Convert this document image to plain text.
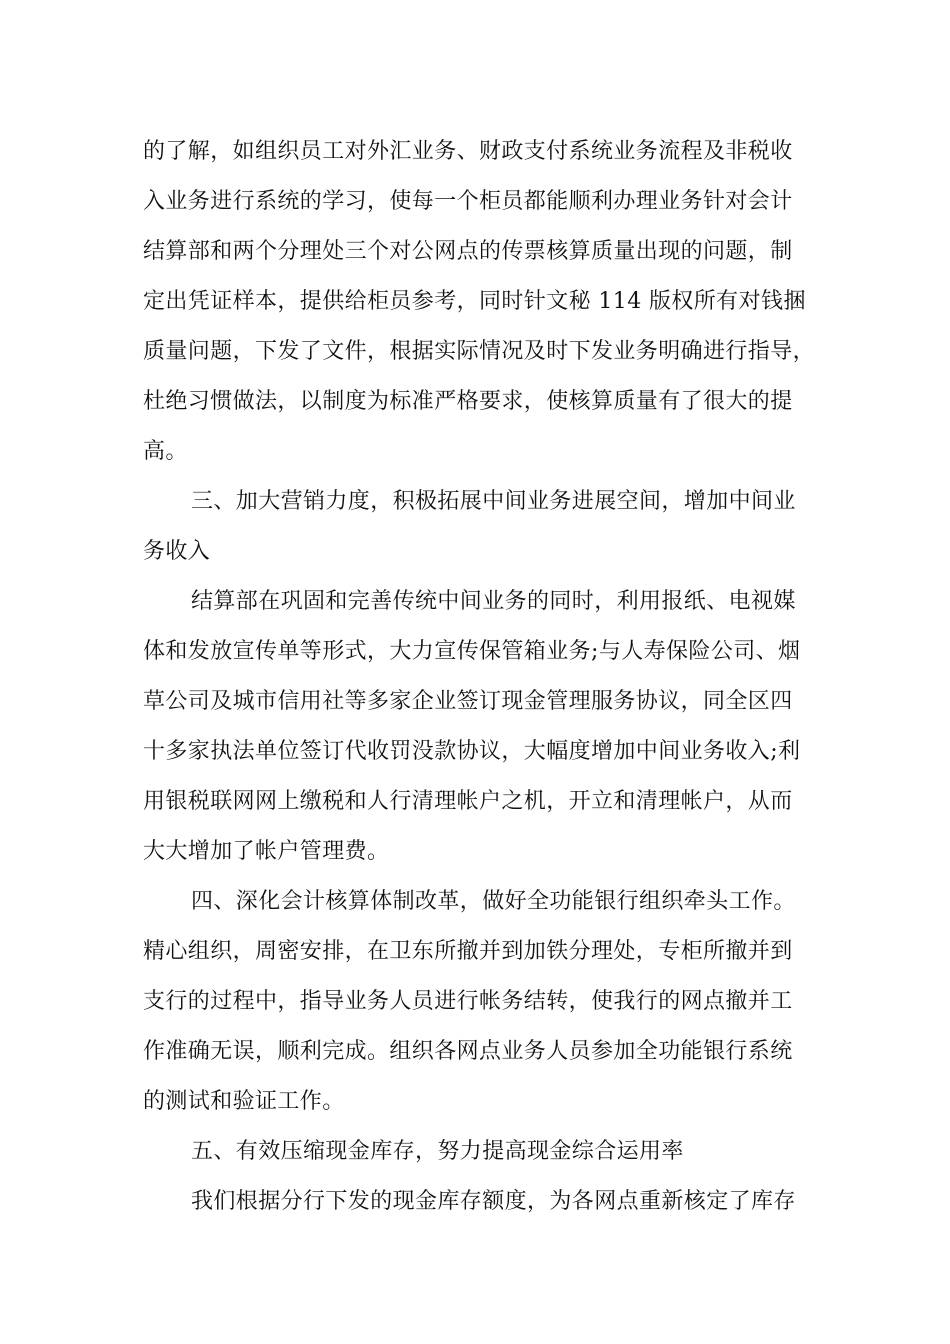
的了解，如组织员工对外汇业务、财政支付系统业务流程及非税收
入业务进行系统的学习，使每一个柜员都能顺利办理业务针对会计
结算部和两个分理处三个对公网点的传票核算质量出现的问题，制
定出凭证样本，提供给柜员参考，同时针文秘 114 版权所有对钱捆
质量问题，下发了文件，根据实际情况及时下发业务明确进行指导，
杜绝习惯做法，以制度为标准严格要求，使核算质量有了很大的提
高。
三、加大营销力度，积极拓展中间业务进展空间，增加中间业
务收入
结算部在巩固和完善传统中间业务的同时，利用报纸、电视媒
体和发放宣传单等形式，大力宣传保管箱业务;与人寿保险公司、烟
草公司及城市信用社等多家企业签订现金管理服务协议，同全区四
十多家执法单位签订代收罚没款协议，大幅度增加中间业务收入;利
用银税联网网上缴税和人行清理帐户之机，开立和清理帐户，从而
大大增加了帐户管理费。
四、深化会计核算体制改革，做好全功能银行组织牵头工作。
精心组织，周密安排，在卫东所撤并到加铁分理处，专柜所撤并到
支行的过程中，指导业务人员进行帐务结转，使我行的网点撤并工
作准确无误，顺利完成。组织各网点业务人员参加全功能银行系统
的测试和验证工作。
五、有效压缩现金库存，努力提高现金综合运用率
我们根据分行下发的现金库存额度，为各网点重新核定了库存
